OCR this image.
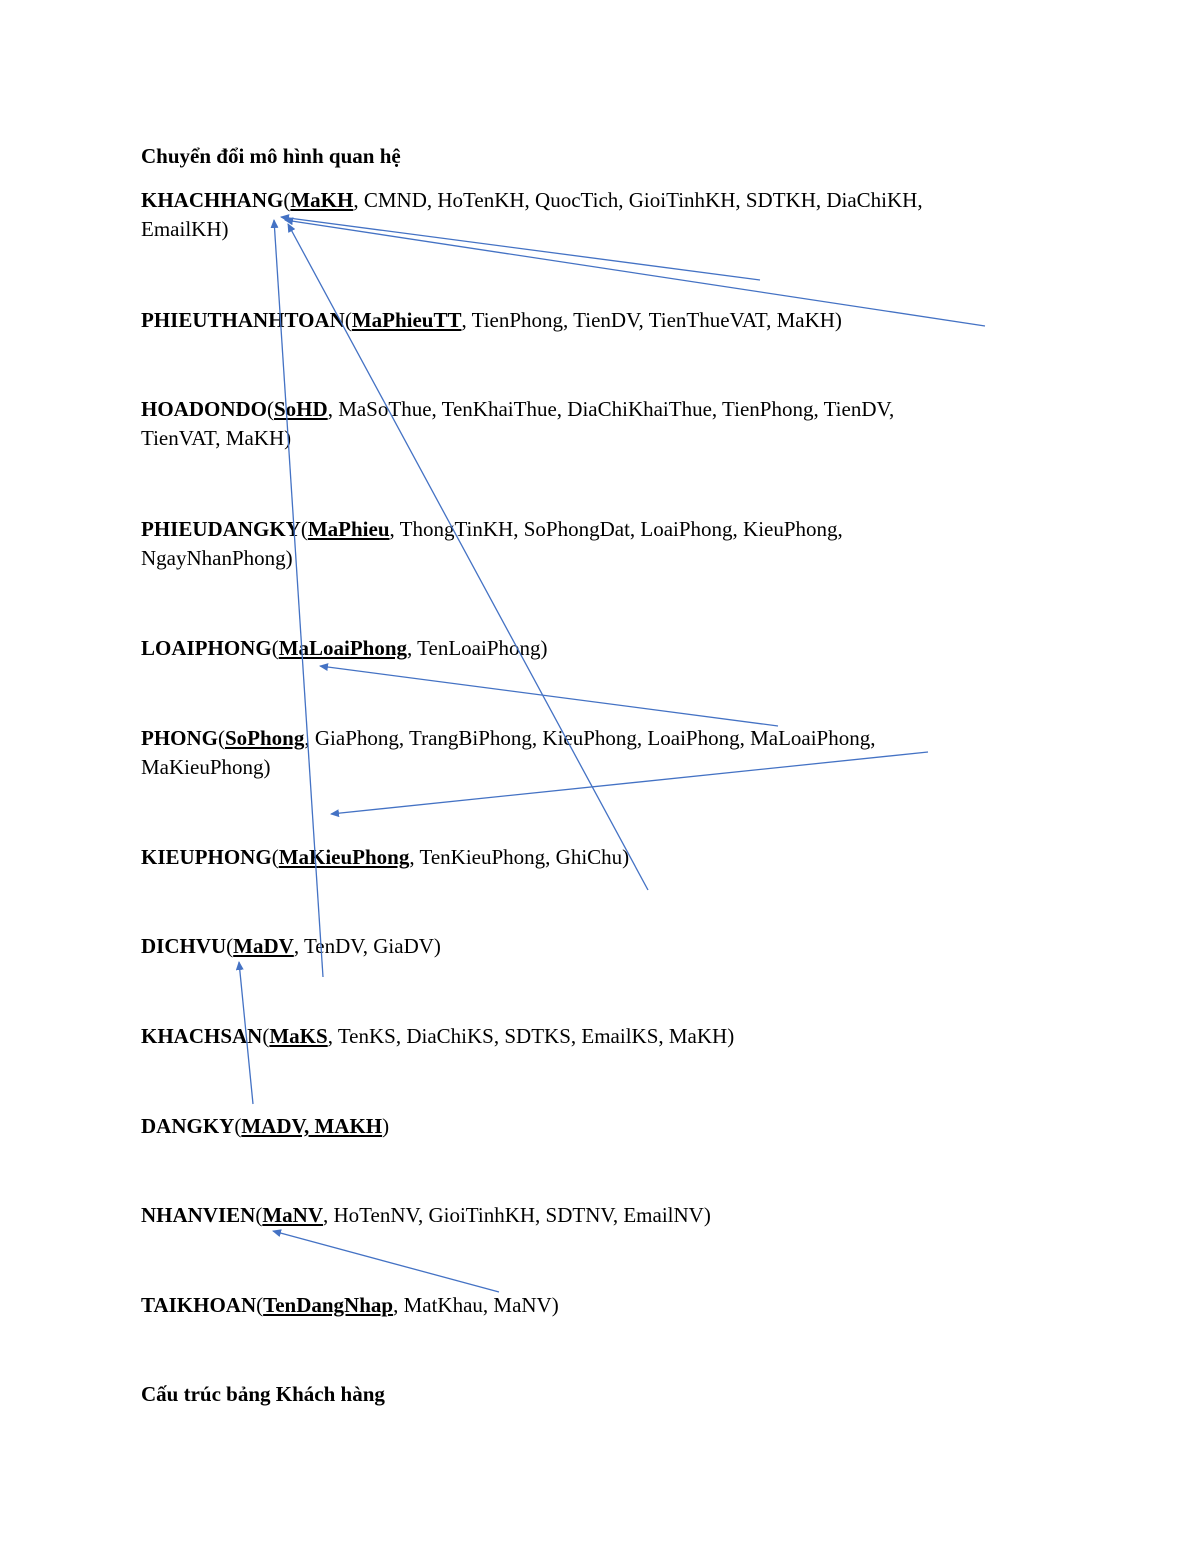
Chuyển đổi mô hình quan hệ
KHACHHANG(MaKH, CMND, HoTenKH, QuocTich, GioiTinhKH, SDTKH, DiaChiKH,
EmailKH)
PHIEUTHANHTOAN(MaPhieuTT, TienPhong, TienDV, TienThueVAT, MaKH)
HOADONDO(SoHD, MaSoThue, TenKhaiThue, DiaChiKhaiThue, TienPhong, TienDV,
TienVAT, MaKH)
PHIEUDANGKY(MaPhieu, ThongTinKH, SoPhongDat, LoaiPhong, KieuPhong,
NgayNhanPhong)
LOAIPHONG(MaLoaiPhong, TenLoaiPhong)
PHONG(SoPhong, GiaPhong, TrangBiPhong, KieuPhong, LoaiPhong, MaLoaiPhong,
MaKieuPhong)
KIEUPHONG(MaKieuPhong, TenKieuPhong, GhiChu)
DICHVU(MaDV, TenDV, GiaDV)
KHACHSAN(MaKS, TenKS, DiaChiKS, SDTKS, EmailKS, MaKH)
DANGKY(MADV, MAKH)
NHANVIEN(MaNV, HoTenNV, GioiTinhKH, SDTNV, EmailNV)
TAIKHOAN(TenDangNhap, MatKhau, MaNV)
Cấu trúc bảng Khách hàng
